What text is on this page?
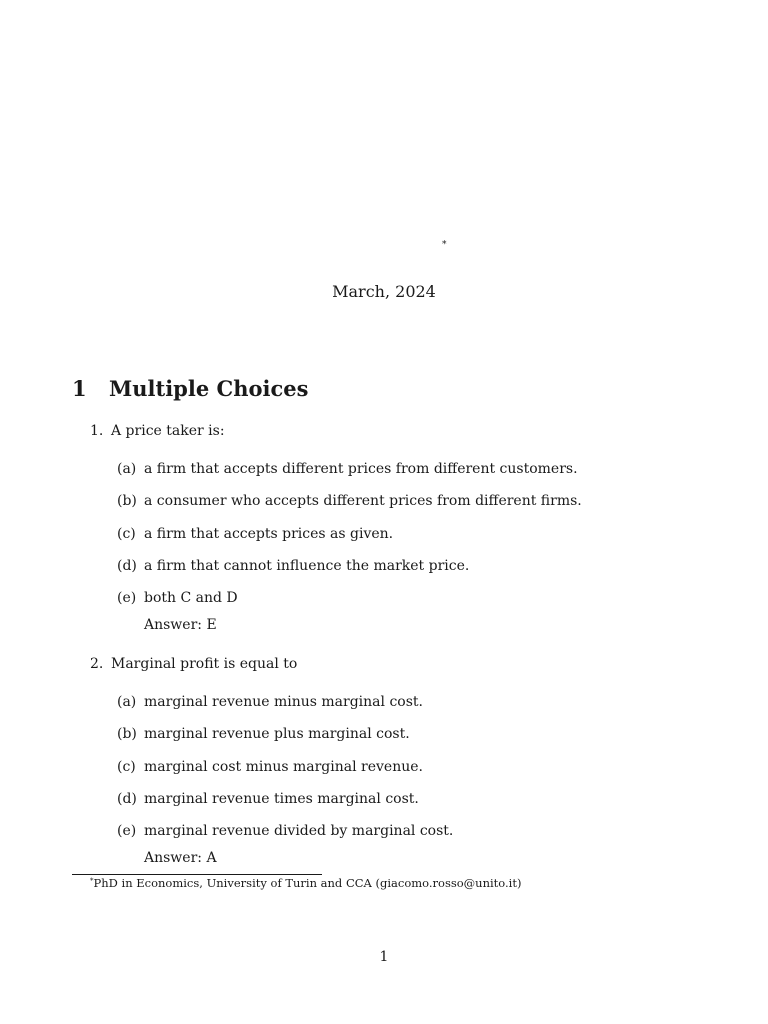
*
March, 2024
1	Multiple Choices
1. A price taker is:
(a) a firm that accepts different prices from different customers.
(b) a consumer who accepts different prices from different firms.
(c) a firm that accepts prices as given.
(d) a firm that cannot influence the market price.
(e) both C and D
Answer: E
2. Marginal profit is equal to
(a) marginal revenue minus marginal cost.
(b) marginal revenue plus marginal cost.
(c) marginal cost minus marginal revenue.
(d) marginal revenue times marginal cost.
(e) marginal revenue divided by marginal cost.
Answer: A
*PhD in Economics, University of Turin and CCA (giacomo.rosso@unito.it)
1
